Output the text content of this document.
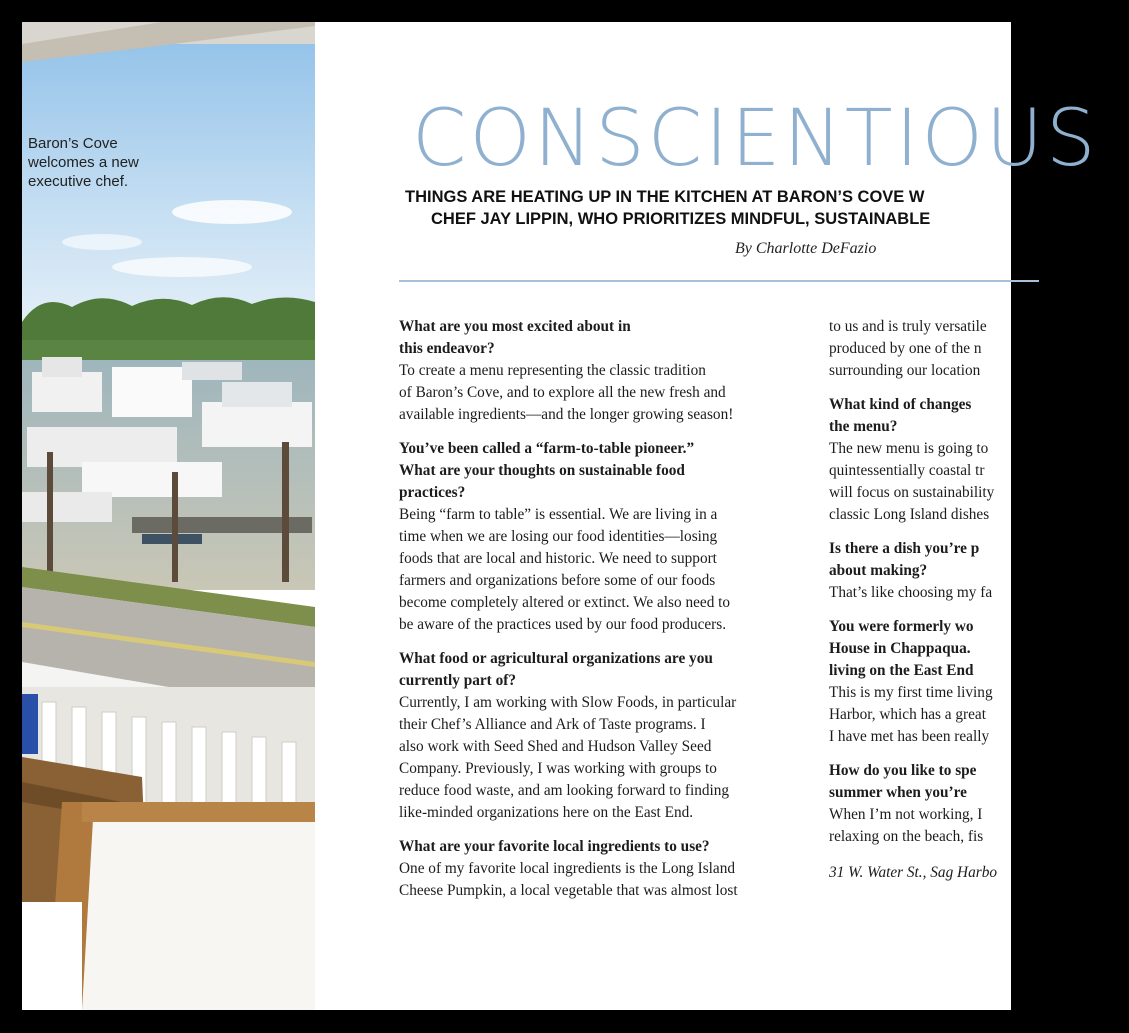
Baron’s Cove
welcomes a new
executive chef.	CONSCIENTIOUS
THINGS ARE HEATING UP IN THE KITCHEN AT BARON’S COVE W
CHEF JAY LIPPIN, WHO PRIORITIZES MINDFUL, SUSTAINABLE
By Charlotte DeFazio
What are you most excited about in
this endeavor?
To create a menu representing the classic tradition
of Baron’s Cove, and to explore all the new fresh and
available ingredients—and the longer growing season!
You’ve been called a “farm-to-table pioneer.”
What are your thoughts on sustainable food
practices?
Being “farm to table” is essential. We are living in a
time when we are losing our food identities—losing
foods that are local and historic. We need to support
farmers and organizations before some of our foods
become completely altered or extinct. We also need to
be aware of the practices used by our food producers.
What food or agricultural organizations are you
currently part of?
Currently, I am working with Slow Foods, in particular
their Chef’s Alliance and Ark of Taste programs. I
also work with Seed Shed and Hudson Valley Seed
Company. Previously, I was working with groups to
reduce food waste, and am looking forward to finding
like-minded organizations here on the East End.
What are your favorite local ingredients to use?
One of my favorite local ingredients is the Long Island
Cheese Pumpkin, a local vegetable that was almost lost
to us and is truly versatile
produced by one of the n
surrounding our location
What kind of changes
the menu?
The new menu is going to
quintessentially coastal tr
will focus on sustainability
classic Long Island dishes
Is there a dish you’re p
about making?
That’s like choosing my fa
You were formerly wo
House in Chappaqua.
living on the East End
This is my first time living
Harbor, which has a great
I have met has been really
How do you like to spe
summer when you’re
When I’m not working, I
relaxing on the beach, fis
31 W. Water St., Sag Harbo
